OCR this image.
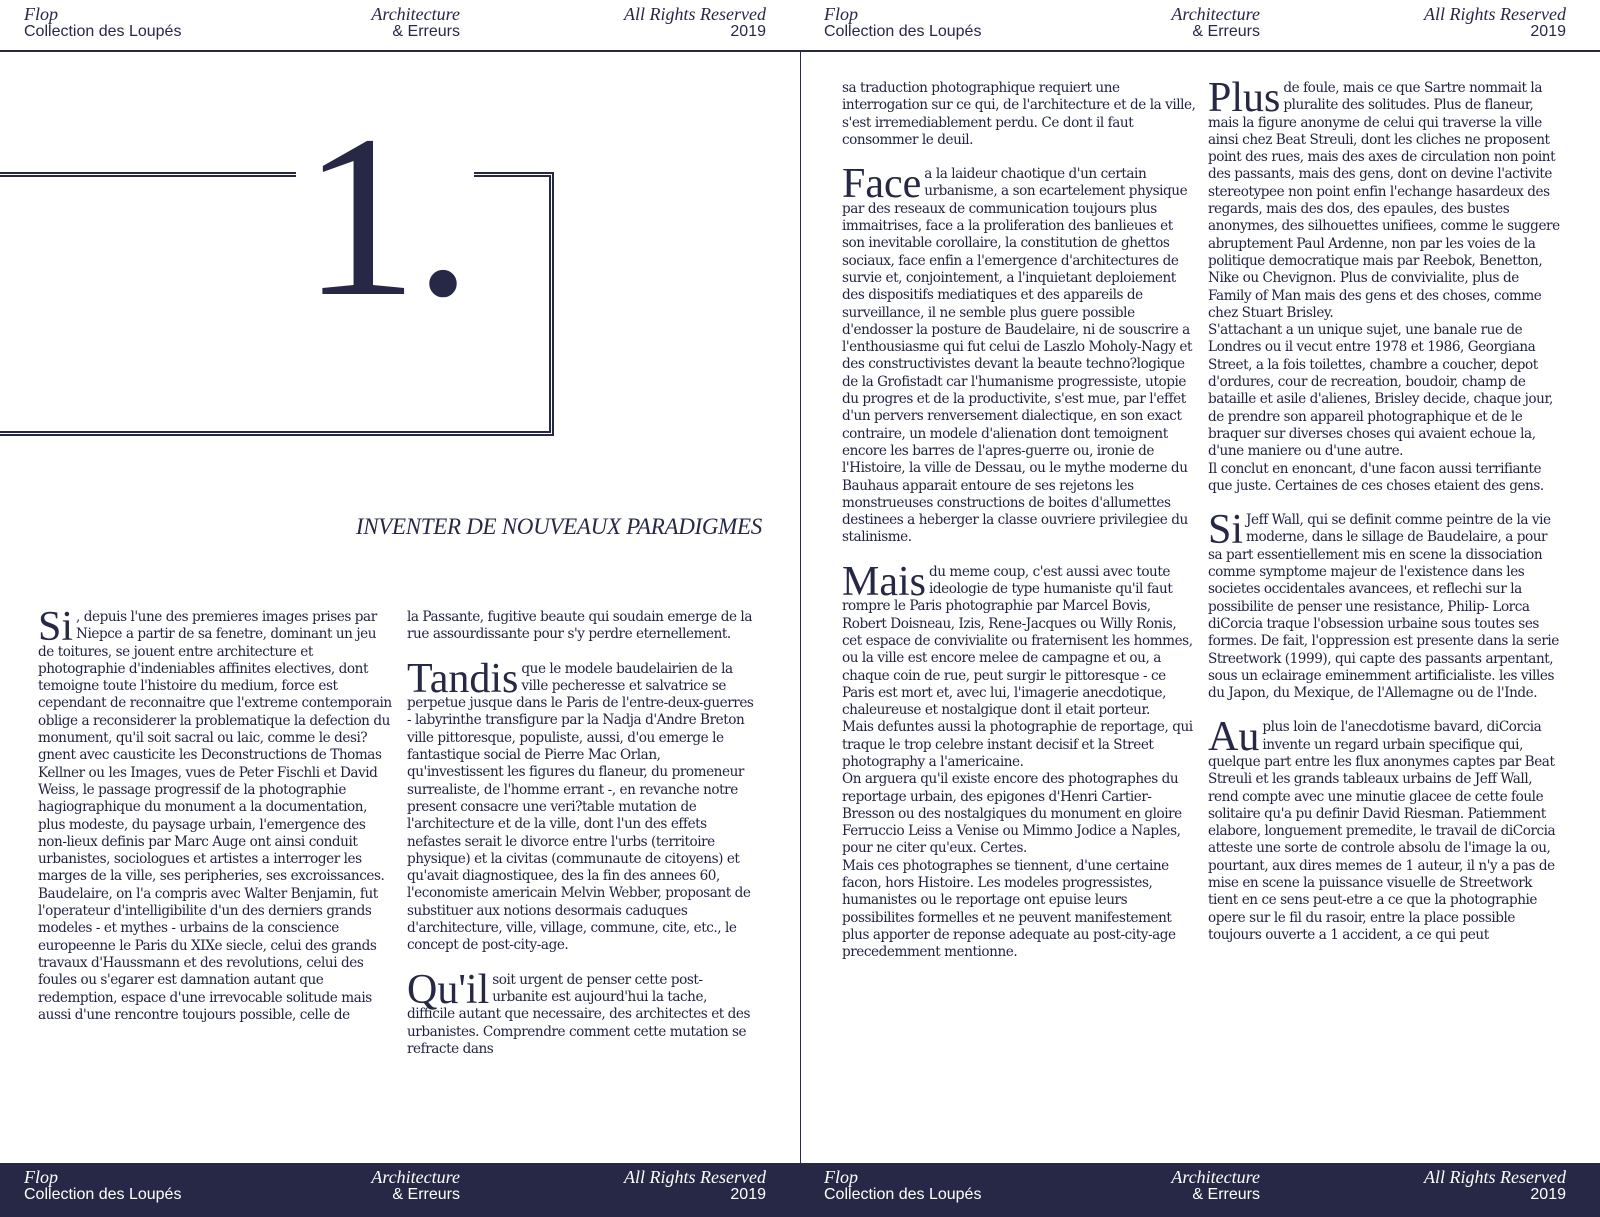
Flop
Collection des Loupés
Architecture
& Erreurs
All Rights Reserved
2019
1.
INVENTER DE NOUVEAUX PARADIGMES

Si , depuis l'une des premieres images prises par Niepce a partir de sa fenetre, dominant un jeu de toitures, se jouent entre architecture et photographie d'indeniables affinites electives, dont temoigne toute l'histoire du medium, force est cependant de reconnaitre que l'extreme contemporain oblige a reconsiderer la problematique la defection du monument, qu'il soit sacral ou laic, comme le desi?gnent avec causticite les Deconstructions de Thomas Kellner ou les Images, vues de Peter Fischli et David Weiss, le passage progressif de la photographie hagiographique du monument a la documentation, plus modeste, du paysage urbain, l'emergence des non-lieux definis par Marc Auge ont ainsi conduit urbanistes, sociologues et artistes a interroger les marges de la ville, ses peripheries, ses excroissances.

Baudelaire, on l'a compris avec Walter Benjamin, fut l'operateur d'intelligibilite d'un des derniers grands modeles - et mythes - urbains de la conscience europeenne le Paris du XIXe siecle, celui des grands travaux d'Haussmann et des revolutions, celui des foules ou s'egarer est damnation autant que redemption, espace d'une irrevocable solitude mais aussi d'une rencontre toujours possible, celle de

la Passante, fugitive beaute qui soudain emerge de la rue assourdissante pour s'y perdre eternellement.

Tandis que le modele baudelairien de la ville pecheresse et salvatrice se perpetue jusque dans le Paris de l'entre-deux-guerres - labyrinthe transfigure par la Nadja d'Andre Breton ville pittoresque, populiste, aussi, d'ou emerge le fantastique social de Pierre Mac Orlan, qu'investissent les figures du flaneur, du promeneur surrealiste, de l'homme errant -, en revanche notre present consacre une veri?table mutation de l'architecture et de la ville, dont l'un des effets nefastes serait le divorce entre l'urbs (territoire physique) et la civitas (communaute de citoyens) et qu'avait diagnostiquee, des la fin des annees 60, l'economiste americain Melvin Webber, proposant de substituer aux notions desormais caduques d'architecture, ville, village, commune, cite, etc., le concept de post-city-age.

Qu'il soit urgent de penser cette post-urbanite est aujourd'hui la tache, difficile autant que necessaire, des architectes et des urbanistes. Comprendre comment cette mutation se refracte dans

Flop
Collection des Loupés
Architecture
& Erreurs
All Rights Reserved
2019
Flop
Collection des Loupés
Architecture
& Erreurs
All Rights Reserved
2019

sa traduction photographique requiert une interrogation sur ce qui, de l'architecture et de la ville, s'est irremediablement perdu. Ce dont il faut consommer le deuil.

Face a la laideur chaotique d'un certain urbanisme, a son ecartelement physique par des reseaux de communication toujours plus immaitrises, face a la proliferation des banlieues et son inevitable corollaire, la constitution de ghettos sociaux, face enfin a l'emergence d'architectures de survie et, conjointement, a l'inquietant deploiement des dispositifs mediatiques et des appareils de surveillance, il ne semble plus guere possible d'endosser la posture de Baudelaire, ni de souscrire a l'enthousiasme qui fut celui de Laszlo Moholy-Nagy et des constructivistes devant la beaute techno?logique de la Grofistadt car l'humanisme progressiste, utopie du progres et de la productivite, s'est mue, par l'effet d'un pervers renversement dialectique, en son exact contraire, un modele d'alienation dont temoignent encore les barres de l'apres-guerre ou, ironie de l'Histoire, la ville de Dessau, ou le mythe moderne du Bauhaus apparait entoure de ses rejetons les monstrueuses constructions de boites d'allumettes destinees a heberger la classe ouvriere privilegiee du stalinisme.

Mais du meme coup, c'est aussi avec toute ideologie de type humaniste qu'il faut rompre le Paris photographie par Marcel Bovis, Robert Doisneau, Izis, Rene-Jacques ou Willy Ronis, cet espace de convivialite ou fraternisent les hommes, ou la ville est encore melee de campagne et ou, a chaque coin de rue, peut surgir le pittoresque - ce Paris est mort et, avec lui, l'imagerie anecdotique, chaleureuse et nostalgique dont il etait porteur.

Mais defuntes aussi la photographie de reportage, qui traque le trop celebre instant decisif et la Street photography a l'americaine.

On arguera qu'il existe encore des photographes du reportage urbain, des epigones d'Henri Cartier-Bresson ou des nostalgiques du monument en gloire Ferruccio Leiss a Venise ou Mimmo Jodice a Naples, pour ne citer qu'eux. Certes.

Mais ces photographes se tiennent, d'une certaine facon, hors Histoire. Les modeles progressistes, humanistes ou le reportage ont epuise leurs possibilites formelles et ne peuvent manifestement plus apporter de reponse adequate au post-city-age precedemment mentionne.

Plus de foule, mais ce que Sartre nommait la pluralite des solitudes. Plus de flaneur, mais la figure anonyme de celui qui traverse la ville ainsi chez Beat Streuli, dont les cliches ne proposent point des rues, mais des axes de circulation non point des passants, mais des gens, dont on devine l'activite stereotypee non point enfin l'echange hasardeux des regards, mais des dos, des epaules, des bustes anonymes, des silhouettes unifiees, comme le suggere abruptement Paul Ardenne, non par les voies de la politique democratique mais par Reebok, Benetton, Nike ou Chevignon. Plus de convivialite, plus de Family of Man mais des gens et des choses, comme chez Stuart Brisley.

S'attachant a un unique sujet, une banale rue de Londres ou il vecut entre 1978 et 1986, Georgiana Street, a la fois toilettes, chambre a coucher, depot d'ordures, cour de recreation, boudoir, champ de bataille et asile d'alienes, Brisley decide, chaque jour, de prendre son appareil photographique et de le braquer sur diverses choses qui avaient echoue la, d'une maniere ou d'une autre.

Il conclut en enoncant, d'une facon aussi terrifiante que juste. Certaines de ces choses etaient des gens.

Si Jeff Wall, qui se definit comme peintre de la vie moderne, dans le sillage de Baudelaire, a pour sa part essentiellement mis en scene la dissociation comme symptome majeur de l'existence dans les societes occidentales avancees, et reflechi sur la possibilite de penser une resistance, Philip- Lorca diCorcia traque l'obsession urbaine sous toutes ses formes. De fait, l'oppression est presente dans la serie Streetwork (1999), qui capte des passants arpentant, sous un eclairage eminemment artificialiste. les villes du Japon, du Mexique, de l'Allemagne ou de l'Inde.

Au plus loin de l'anecdotisme bavard, diCorcia invente un regard urbain specifique qui, quelque part entre les flux anonymes captes par Beat Streuli et les grands tableaux urbains de Jeff Wall, rend compte avec une minutie glacee de cette foule solitaire qu'a pu definir David Riesman. Patiemment elabore, longuement premedite, le travail de diCorcia atteste une sorte de controle absolu de l'image la ou, pourtant, aux dires memes de 1 auteur, il n'y a pas de mise en scene la puissance visuelle de Streetwork tient en ce sens peut-etre a ce que la photographie opere sur le fil du rasoir, entre la place possible toujours ouverte a 1 accident, a ce qui peut

Flop
Collection des Loupés
Architecture
& Erreurs
All Rights Reserved
2019
